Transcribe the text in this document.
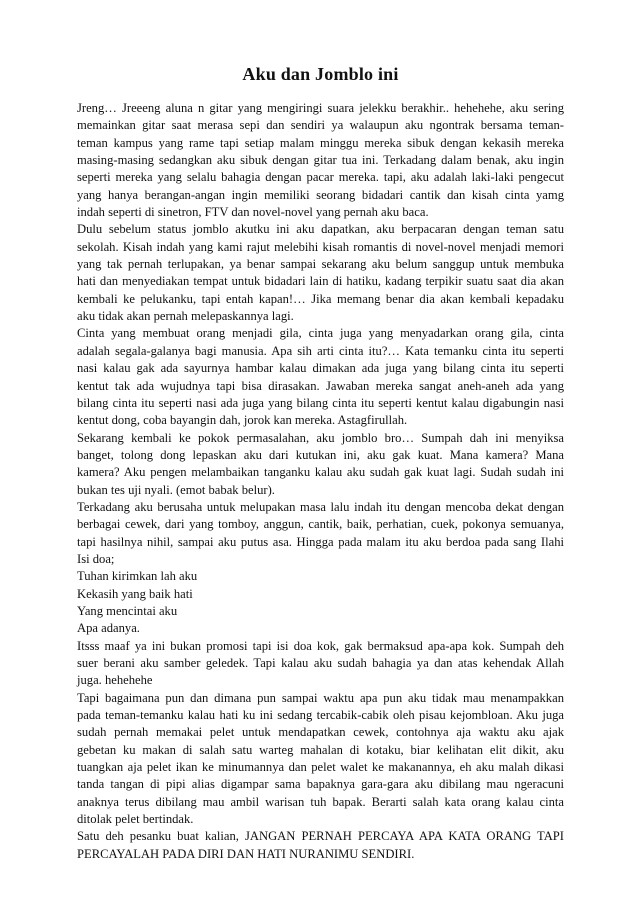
Aku dan Jomblo ini
Jreng… Jreeeng aluna n gitar yang mengiringi suara jelekku berakhir.. hehehehe, aku sering
memainkan gitar saat merasa sepi dan sendiri ya walaupun aku ngontrak bersama teman-
teman kampus yang rame tapi setiap malam minggu mereka sibuk dengan kekasih mereka
masing-masing sedangkan aku sibuk dengan gitar tua ini. Terkadang dalam benak, aku ingin
seperti mereka yang selalu bahagia dengan pacar mereka. tapi, aku adalah laki-laki pengecut
yang hanya berangan-angan ingin memiliki seorang bidadari cantik dan kisah cinta yamg
indah seperti di sinetron, FTV dan novel-novel yang pernah aku baca.
Dulu sebelum status jomblo akutku ini aku dapatkan, aku berpacaran dengan teman satu
sekolah. Kisah indah yang kami rajut melebihi kisah romantis di novel-novel menjadi memori
yang tak pernah terlupakan, ya benar sampai sekarang aku belum sanggup untuk membuka
hati dan menyediakan tempat untuk bidadari lain di hatiku, kadang terpikir suatu saat dia akan
kembali ke pelukanku, tapi entah kapan!… Jika memang benar dia akan kembali kepadaku
aku tidak akan pernah melepaskannya lagi.
Cinta yang membuat orang menjadi gila, cinta juga yang menyadarkan orang gila, cinta
adalah segala-galanya bagi manusia. Apa sih arti cinta itu?… Kata temanku cinta itu seperti
nasi kalau gak ada sayurnya hambar kalau dimakan ada juga yang bilang cinta itu seperti
kentut tak ada wujudnya tapi bisa dirasakan. Jawaban mereka sangat aneh-aneh ada yang
bilang cinta itu seperti nasi ada juga yang bilang cinta itu seperti kentut kalau digabungin nasi
kentut dong, coba bayangin dah, jorok kan mereka. Astagfirullah.
Sekarang kembali ke pokok permasalahan, aku jomblo bro… Sumpah dah ini menyiksa
banget, tolong dong lepaskan aku dari kutukan ini, aku gak kuat. Mana kamera? Mana
kamera? Aku pengen melambaikan tanganku kalau aku sudah gak kuat lagi. Sudah sudah ini
bukan tes uji nyali. (emot babak belur).
Terkadang aku berusaha untuk melupakan masa lalu indah itu dengan mencoba dekat dengan
berbagai cewek, dari yang tomboy, anggun, cantik, baik, perhatian, cuek, pokonya semuanya,
tapi hasilnya nihil, sampai aku putus asa. Hingga pada malam itu aku berdoa pada sang Ilahi
Isi doa;
Tuhan kirimkan lah aku
Kekasih yang baik hati
Yang mencintai aku
Apa adanya.
Itsss maaf ya ini bukan promosi tapi isi doa kok, gak bermaksud apa-apa kok. Sumpah deh
suer berani aku samber geledek. Tapi kalau aku sudah bahagia ya dan atas kehendak Allah
juga. hehehehe
Tapi bagaimana pun dan dimana pun sampai waktu apa pun aku tidak mau menampakkan
pada teman-temanku kalau hati ku ini sedang tercabik-cabik oleh pisau kejombloan. Aku juga
sudah pernah memakai pelet untuk mendapatkan cewek, contohnya aja waktu aku ajak
gebetan ku makan di salah satu warteg mahalan di kotaku, biar kelihatan elit dikit, aku
tuangkan aja pelet ikan ke minumannya dan pelet walet ke makanannya, eh aku malah dikasi
tanda tangan di pipi alias digampar sama bapaknya gara-gara aku dibilang mau ngeracuni
anaknya terus dibilang mau ambil warisan tuh bapak. Berarti salah kata orang kalau cinta
ditolak pelet bertindak.
Satu deh pesanku buat kalian, JANGAN PERNAH PERCAYA APA KATA ORANG TAPI
PERCAYALAH PADA DIRI DAN HATI NURANIMU SENDIRI.
